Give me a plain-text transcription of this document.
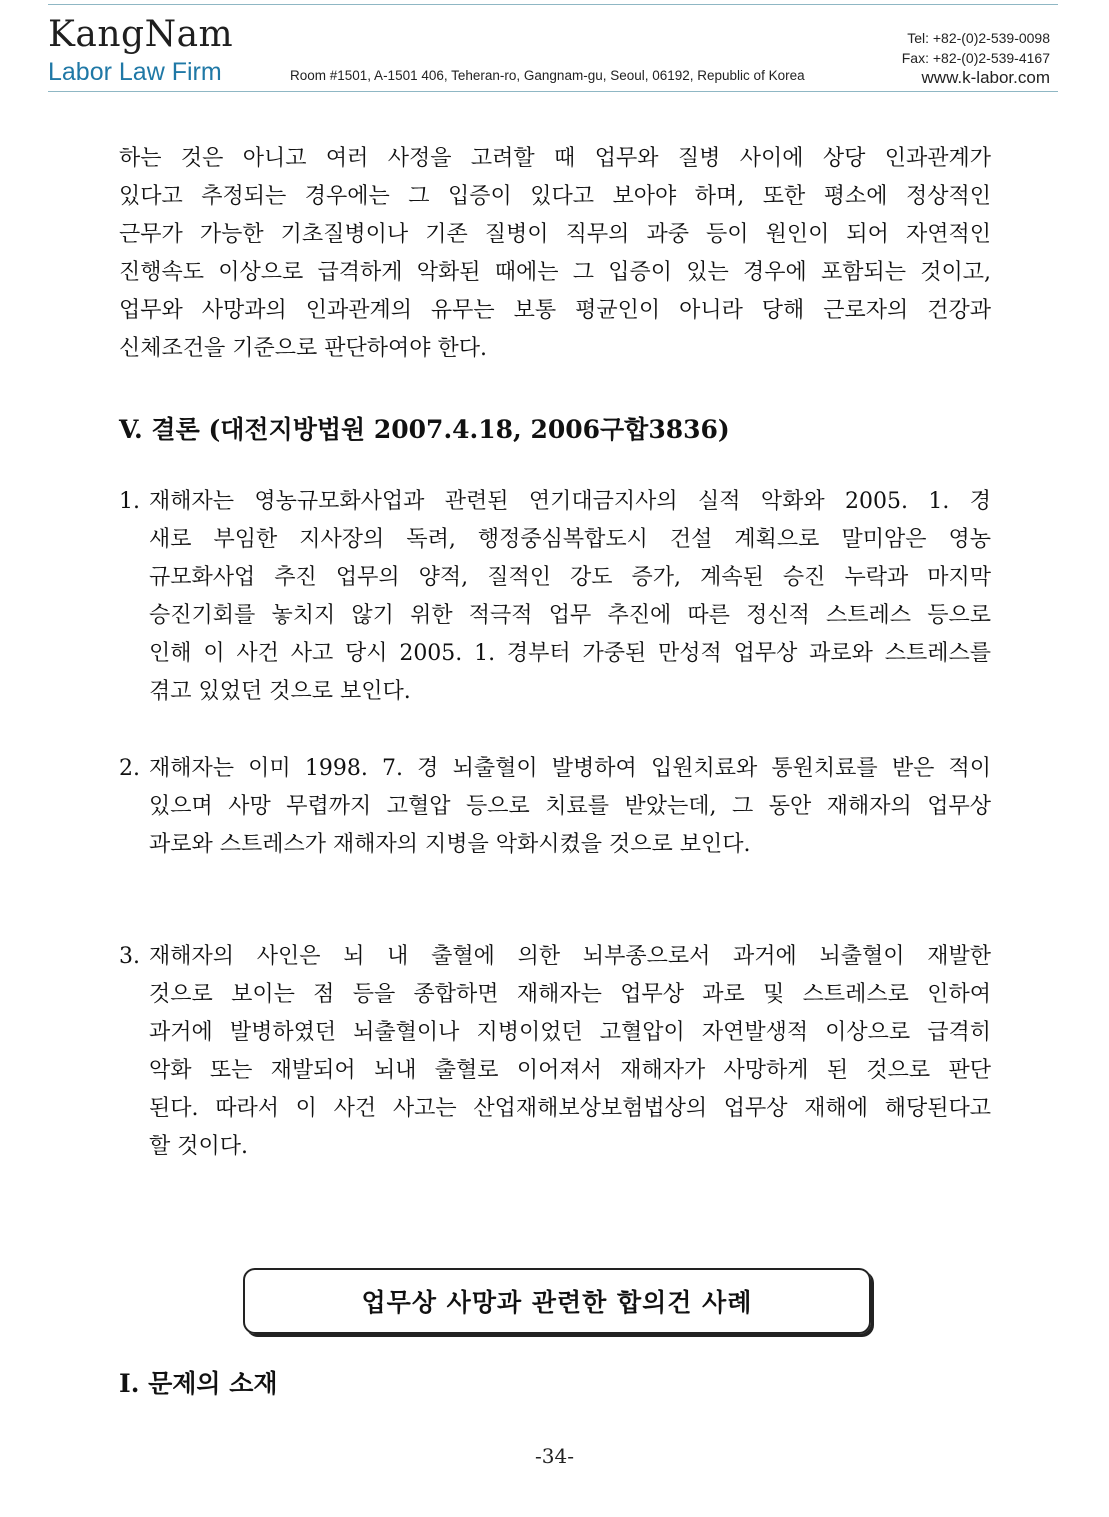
KangNam
Labor Law Firm	Room #1501, A-1501 406, Teheran-ro, Gangnam-gu, Seoul, 06192, Republic of Korea
Tel: +82-(0)2-539-0098
Fax: +82-(0)2-539-4167
www.k-labor.com
하는 것은 아니고 여러 사정을 고려할 때 업무와 질병 사이에 상당 인과관계가
있다고 추정되는 경우에는 그 입증이 있다고 보아야 하며, 또한 평소에 정상적인
근무가 가능한 기초질병이나 기존 질병이 직무의 과중 등이 원인이 되어 자연적인
진행속도 이상으로 급격하게 악화된 때에는 그 입증이 있는 경우에 포함되는 것이고,
업무와 사망과의 인과관계의 유무는 보통 평균인이 아니라 당해 근로자의 건강과
신체조건을 기준으로 판단하여야 한다.
V. 결론 (대전지방법원 2007.4.18, 2006구합3836)
1. 재해자는 영농규모화사업과 관련된 연기대금지사의 실적 악화와 2005. 1. 경
새로 부임한 지사장의 독려, 행정중심복합도시 건설 계획으로 말미암은 영농
규모화사업 추진 업무의 양적, 질적인 강도 증가, 계속된 승진 누락과 마지막
승진기회를 놓치지 않기 위한 적극적 업무 추진에 따른 정신적 스트레스 등으로
인해 이 사건 사고 당시 2005. 1. 경부터 가중된 만성적 업무상 과로와 스트레스를
겪고 있었던 것으로 보인다.
2. 재해자는 이미 1998. 7. 경 뇌출혈이 발병하여 입원치료와 통원치료를 받은 적이
있으며 사망 무렵까지 고혈압 등으로 치료를 받았는데, 그 동안 재해자의 업무상
과로와 스트레스가 재해자의 지병을 악화시켰을 것으로 보인다.
3. 재해자의 사인은 뇌 내 출혈에 의한 뇌부종으로서 과거에 뇌출혈이 재발한
것으로 보이는 점 등을 종합하면 재해자는 업무상 과로 및 스트레스로 인하여
과거에 발병하였던 뇌출혈이나 지병이었던 고혈압이 자연발생적 이상으로 급격히
악화 또는 재발되어 뇌내 출혈로 이어져서 재해자가 사망하게 된 것으로 판단
된다. 따라서 이 사건 사고는 산업재해보상보험법상의 업무상 재해에 해당된다고
할 것이다.
업무상 사망과 관련한 합의건 사례
I. 문제의 소재
-34-
